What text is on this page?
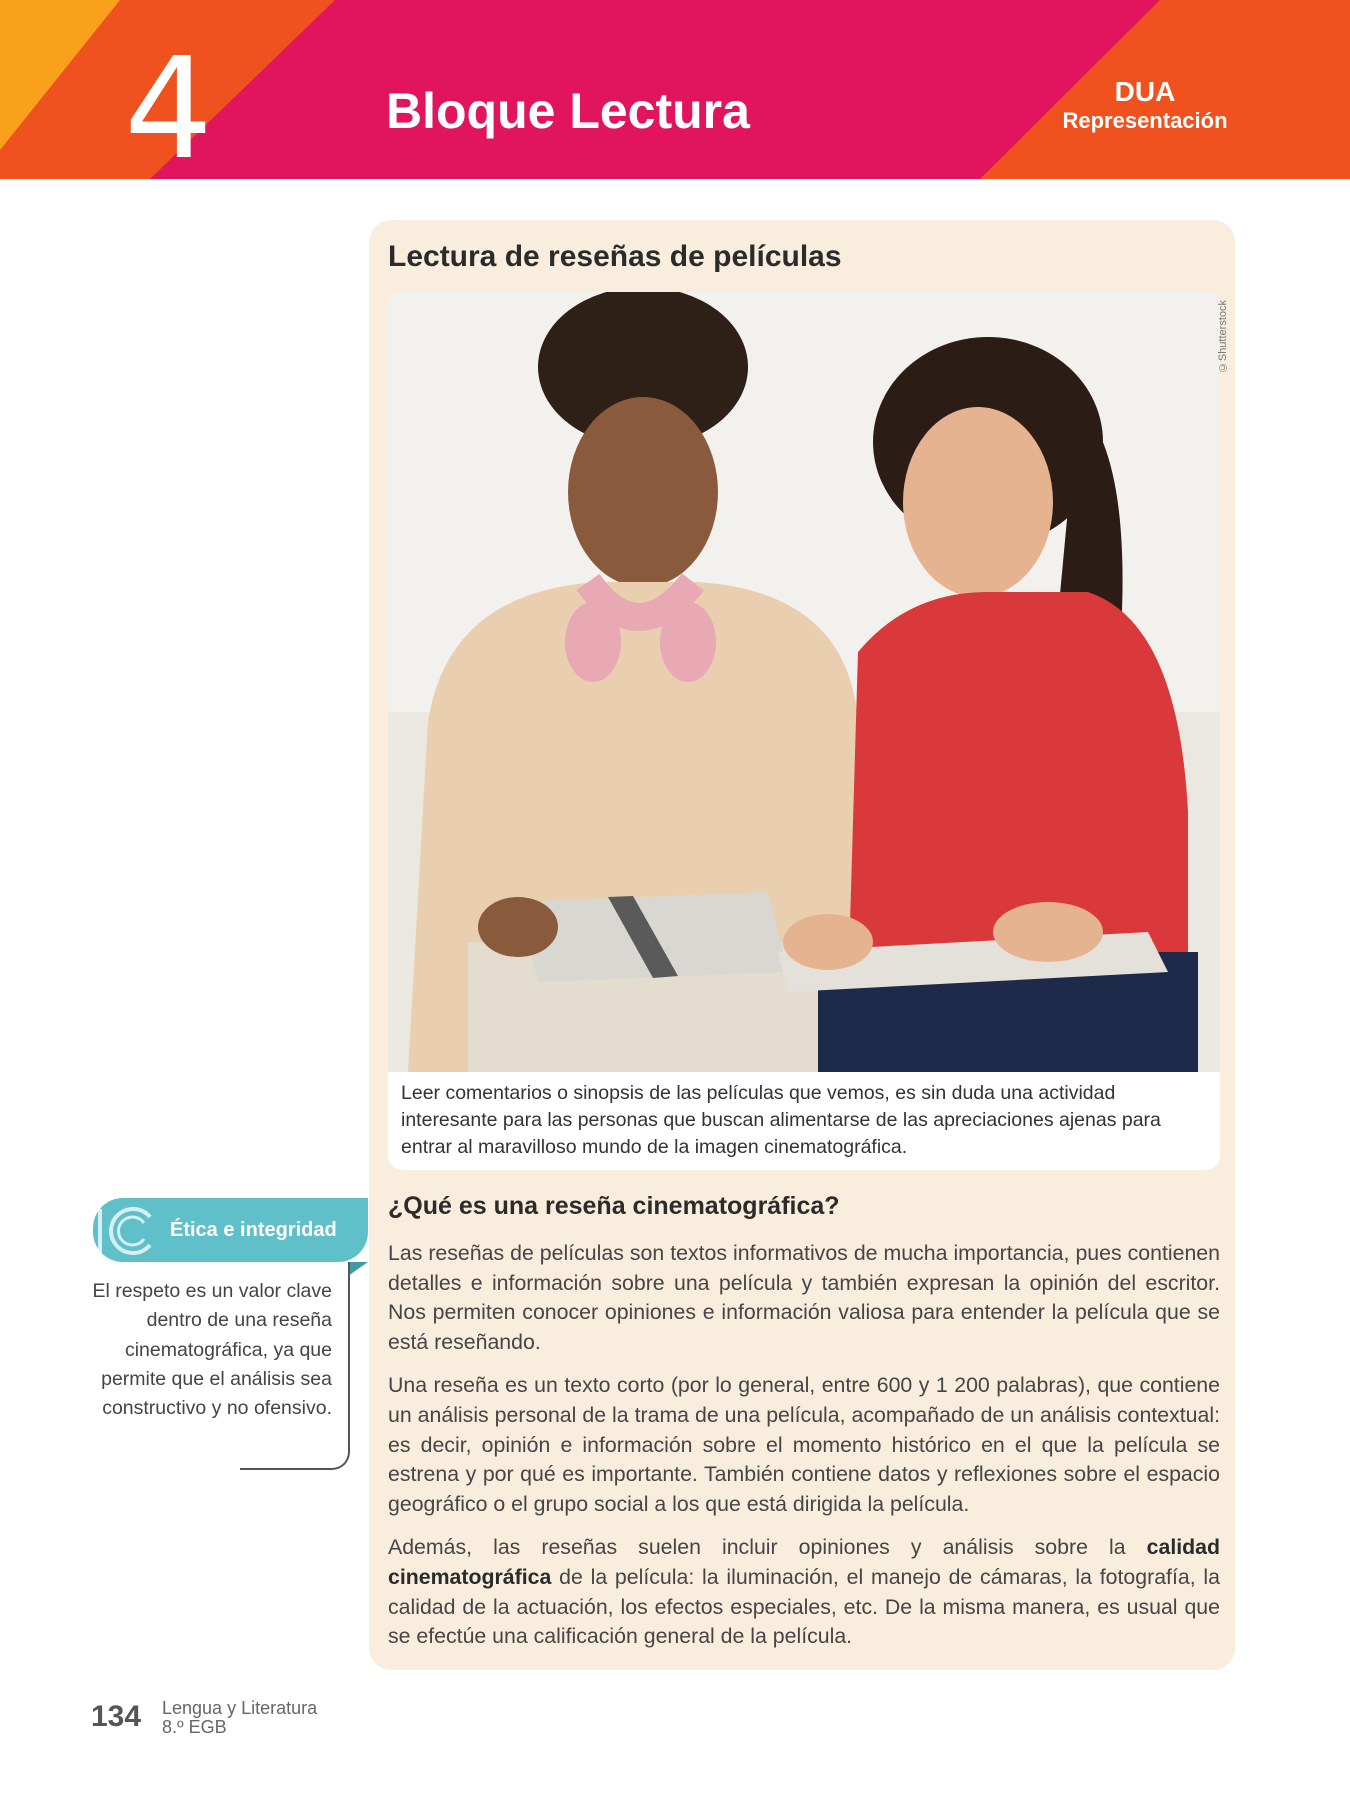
4	Bloque Lectura	DUA
Representación
Lectura de reseñas de películas
Leer comentarios o sinopsis de las películas que vemos, es sin duda una actividad interesante para las personas que buscan alimentarse de las apreciaciones ajenas para entrar al maravilloso mundo de la imagen cinematográfica.
©Shutterstock
¿Qué es una reseña cinematográfica?

Las reseñas de películas son textos informativos de mucha importancia, pues contienen detalles e información sobre una película y también expresan la opinión del escritor. Nos permiten conocer opiniones e información valiosa para entender la película que se está reseñando.

Una reseña es un texto corto (por lo general, entre 600 y 1 200 palabras), que contiene un análisis personal de la trama de una película, acompañado de un análisis contextual: es decir, opinión e información sobre el momento histórico en el que la película se estrena y por qué es importante. También contiene datos y reflexiones sobre el espacio geográfico o el grupo social a los que está dirigida la película.

Además, las reseñas suelen incluir opiniones y análisis sobre la calidad cinematográfica de la película: la iluminación, el manejo de cámaras, la fotografía, la calidad de la actuación, los efectos especiales, etc. De la misma manera, es usual que se efectúe una calificación general de la película.

Ética e integridad
El respeto es un valor clave dentro de una reseña cinematográfica, ya que permite que el análisis sea constructivo y no ofensivo.
134 Lengua y Literatura
8.º EGB
